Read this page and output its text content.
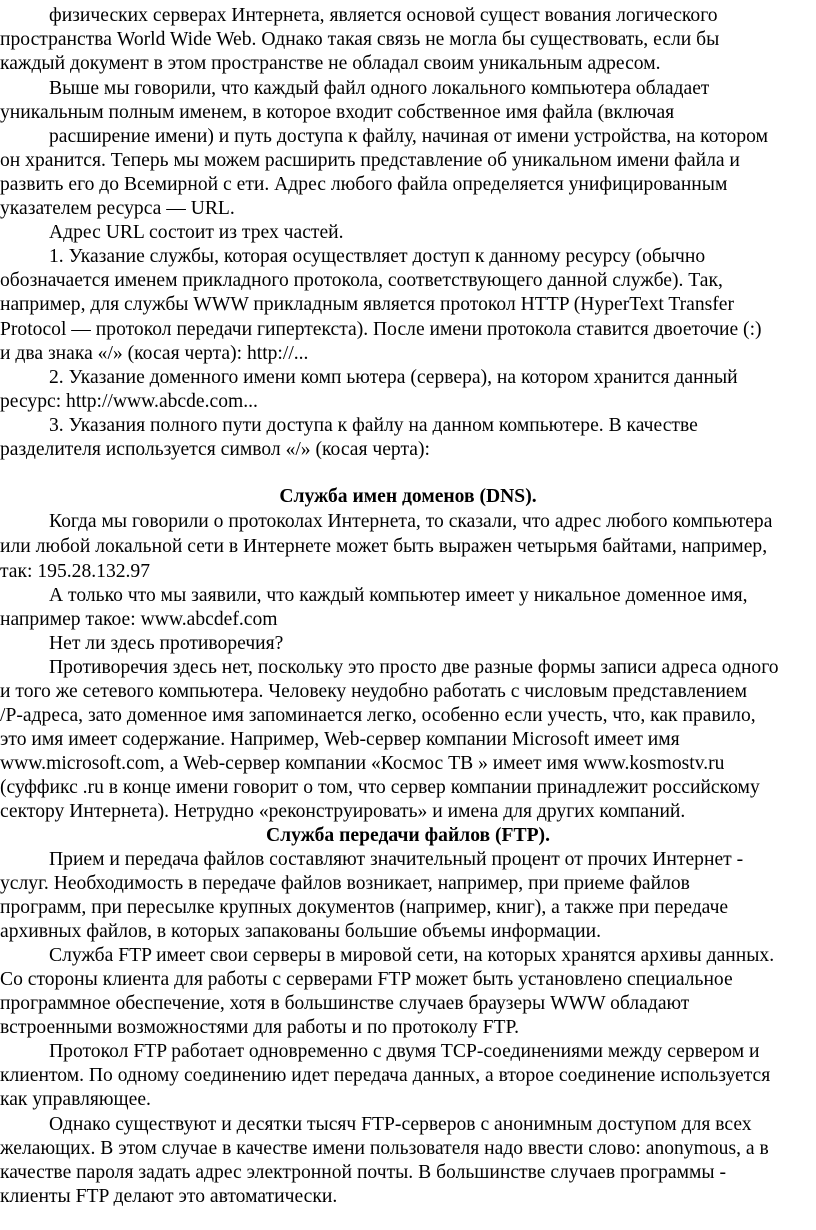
физических серверах Интернета, является основой сущест вования логического
пространства World Wide Web. Однако такая связь не могла бы существовать, если бы
каждый документ в этом пространстве не обладал своим уникальным адресом.
Выше мы говорили, что каждый файл одного локального компьютера обладает
уникальным полным именем, в которое входит собственное имя файла (включая
расширение имени) и путь доступа к файлу, начиная от имени устройства, на котором
он хранится. Теперь мы можем расширить представление об уникальном имени файла и
развить его до Всемирной с ети. Адрес любого файла определяется унифицированным
указателем ресурса — URL.
Адрес URL состоит из трех частей.
1. Указание службы, которая осуществляет доступ к данному ресурсу (обычно
обозначается именем прикладного протокола, соответствующего данной службе). Так,
например, для службы WWW прикладным является протокол HTTP (HyperText Transfer
Protocol — протокол передачи гипертекста). После имени протокола ставится двоеточие (:)
и два знака «/» (косая черта): http://...
2. Указание доменного имени комп ьютера (сервера), на котором хранится данный
ресурс: http://www.abcde.com...
3. Указания полного пути доступа к файлу на данном компьютере. В качестве
разделителя используется символ «/» (косая черта):
Служба имен доменов (DNS).
Когда мы говорили о протоколах Интернета, то сказали, что адрес любого компьютера
или любой локальной сети в Интернете может быть выражен четырьмя байтами, например,
так: 195.28.132.97
А только что мы заявили, что каждый компьютер имеет у никальное доменное имя,
например такое: www.abcdef.com
Нет ли здесь противоречия?
Противоречия здесь нет, поскольку это просто две разные формы записи адреса одного
и того же сетевого компьютера. Человеку неудобно работать с числовым представлением
/Р-адреса, зато доменное имя запоминается легко, особенно если учесть, что, как правило,
это имя имеет содержание. Например, Web-сервер компании Microsoft имеет имя
www.microsoft.com, а Web-сервер компании «Космос ТВ » имеет имя www.kosmostv.ru
(суффикс .ru в конце имени говорит о том, что сервер компании принадлежит российскому
сектору Интернета). Нетрудно «реконструировать» и имена для других компаний.
Служба передачи файлов (FTP).
Прием и передача файлов составляют значительный процент от прочих Интернет -
услуг. Необходимость в передаче файлов возникает, например, при приеме файлов
программ, при пересылке крупных документов (например, книг), а также при передаче
архивных файлов, в которых запакованы большие объемы информации.
Служба FTP имеет свои серверы в мировой сети, на которых хранятся архивы данных.
Со стороны клиента для работы с серверами FTP может быть установлено специальное
программное обеспечение, хотя в большинстве случаев браузеры WWW обладают
встроенными возможностями для работы и по протоколу FTP.
Протокол FTP работает одновременно с двумя TCP-соединениями между сервером и
клиентом. По одному соединению идет передача данных, а второе соединение используется
как управляющее.
Однако существуют и десятки тысяч FTP-серверов с анонимным доступом для всех
желающих. В этом случае в качестве имени пользователя надо ввести слово: anonymous, а в
качестве пароля задать адрес электронной почты. В большинстве случаев программы -
клиенты FTP делают это автоматически.
